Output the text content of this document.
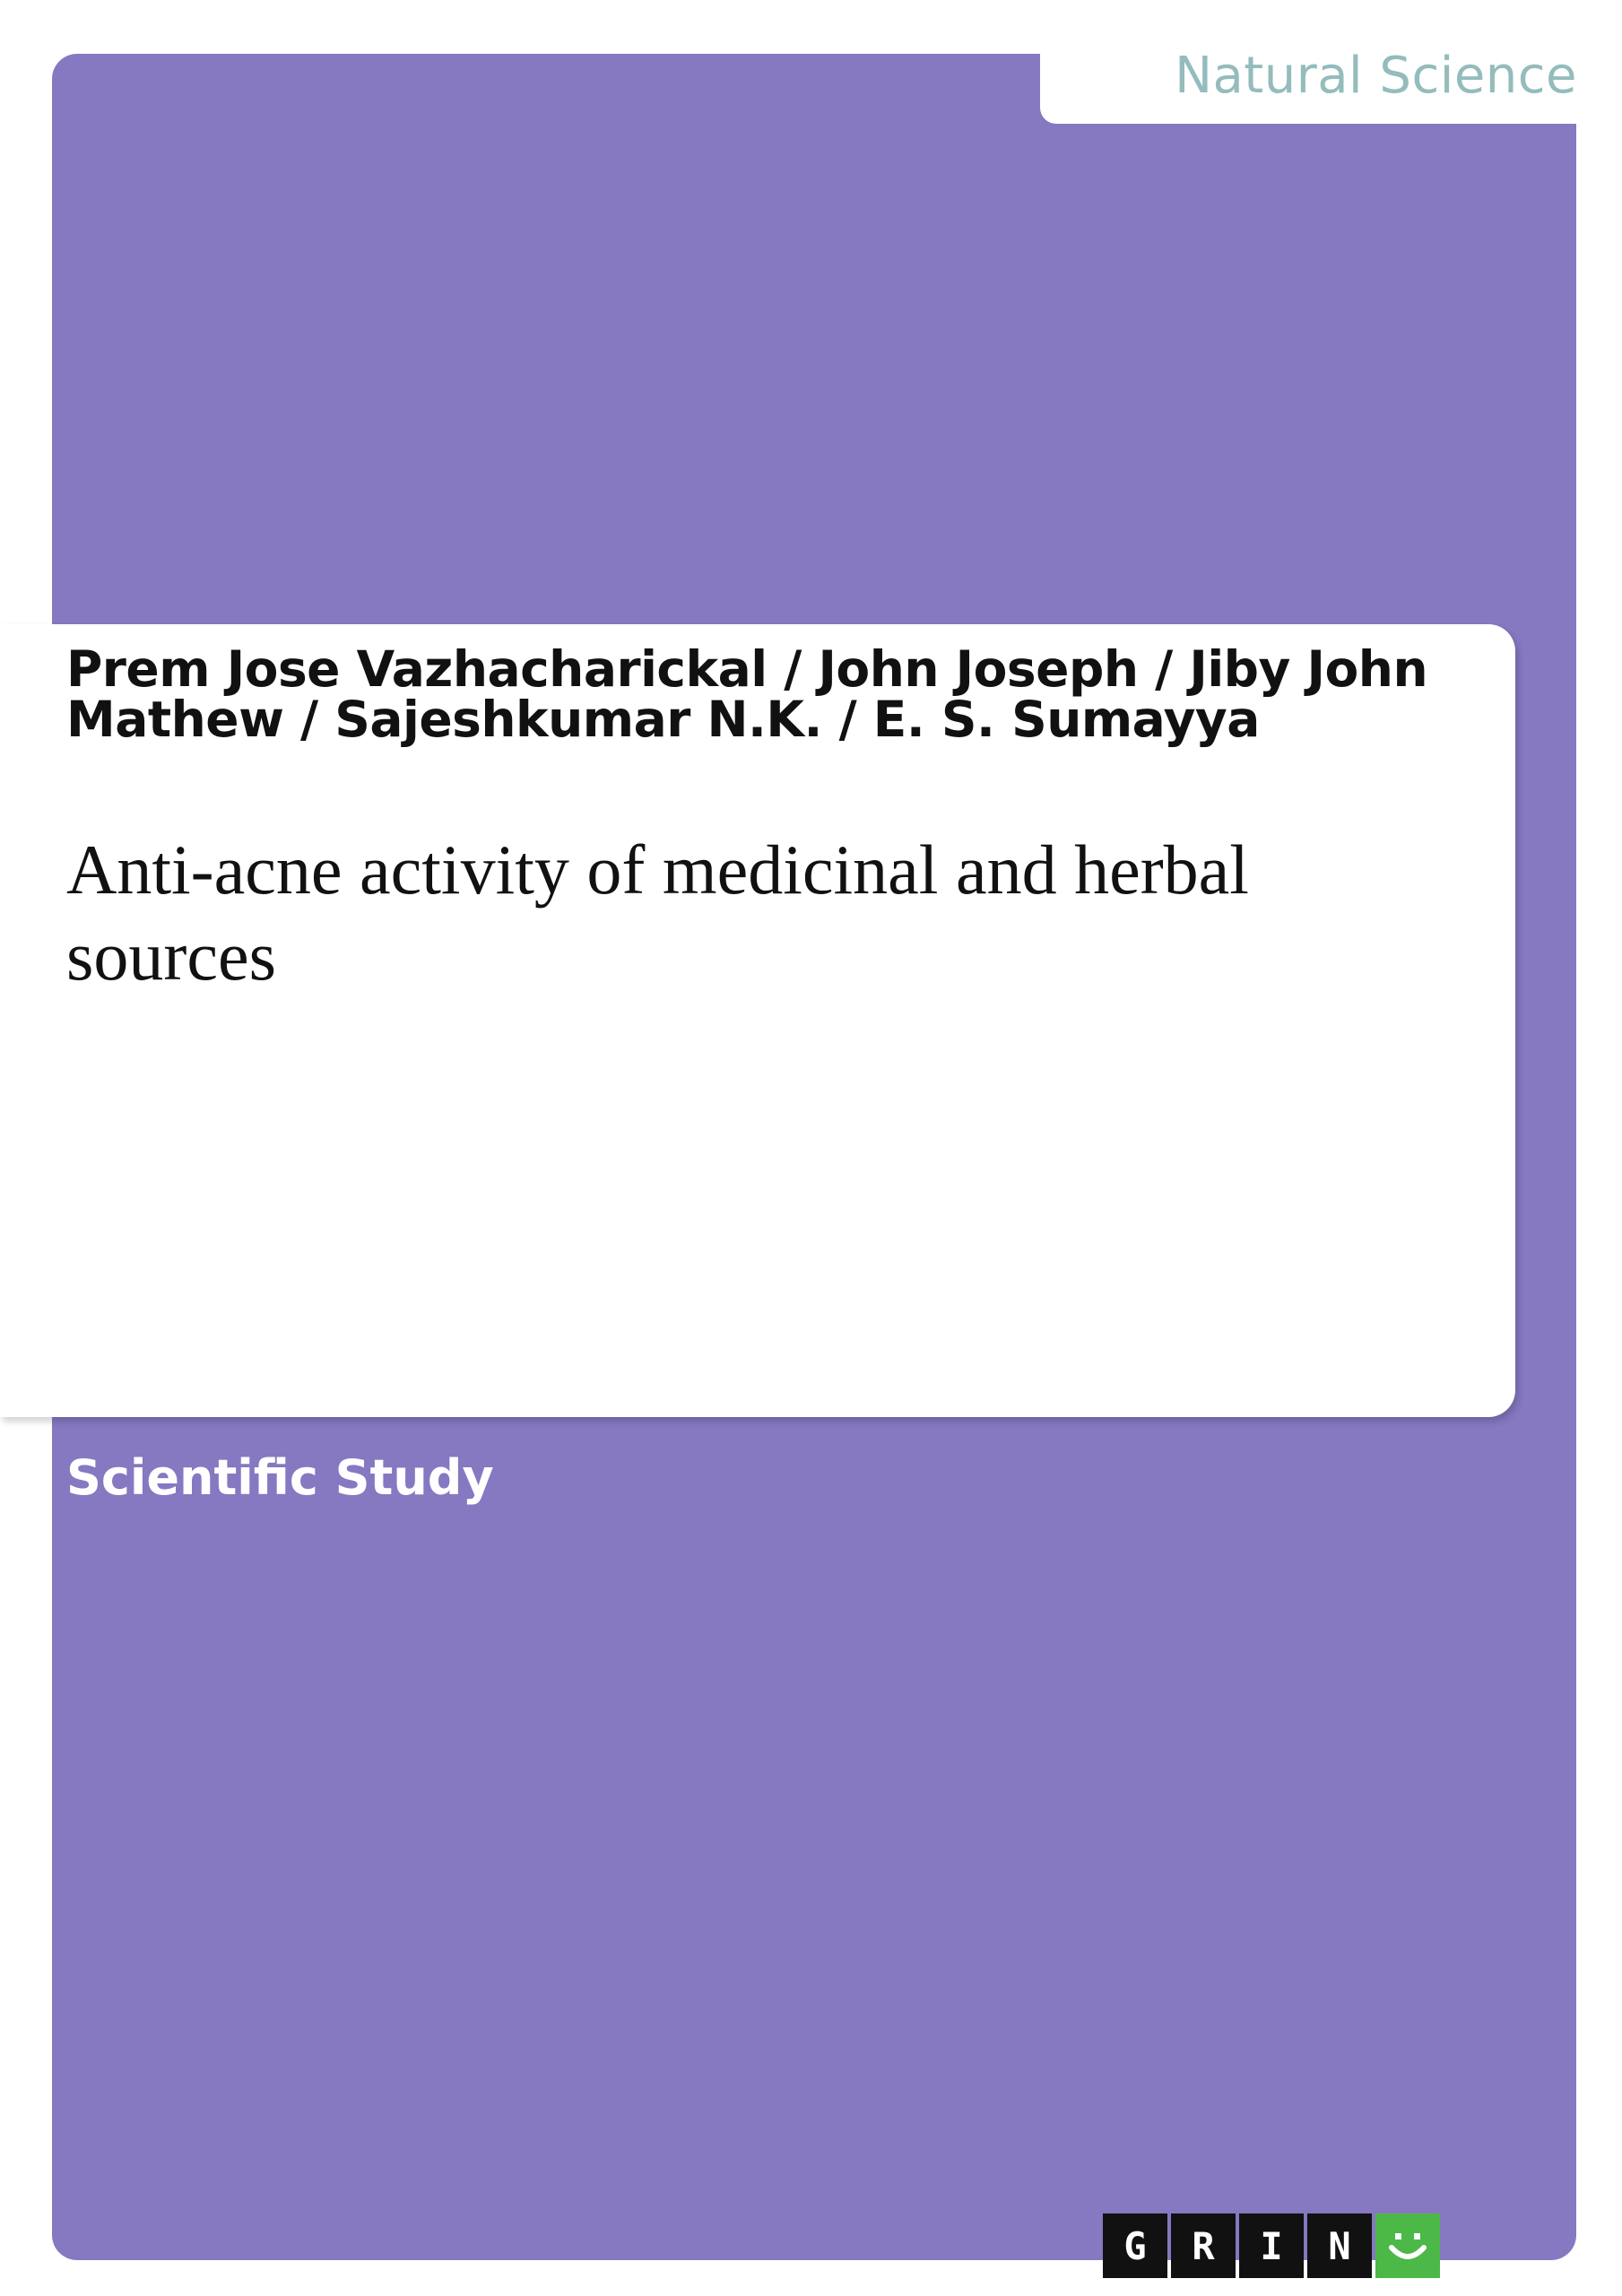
Natural Science
Prem Jose Vazhacharickal / John Joseph / Jiby John Mathew / Sajeshkumar N.K. / E. S. Sumayya
Anti-acne activity of medicinal and herbal sources
Scientific Study
G	R	I	N
